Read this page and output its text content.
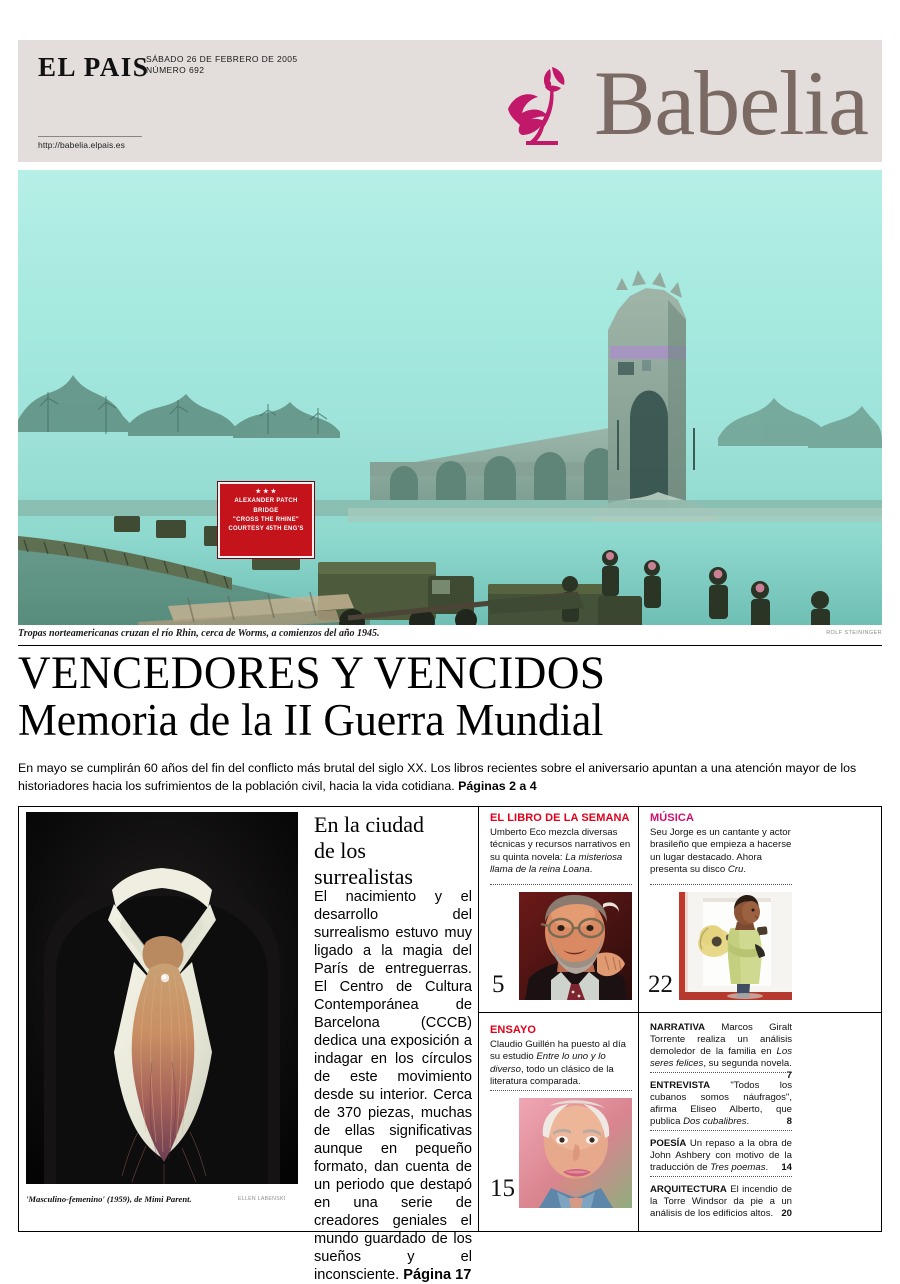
EL PAIS
SÁBADO 26 DE FEBRERO DE 2005
NÚMERO 692
http://babelia.elpais.es	Babelia
★ ★ ★
ALEXANDER PATCH
BRIDGE
"CROSS THE RHINE"
COURTESY 45TH ENG'S
Tropas norteamericanas cruzan el río Rhin, cerca de Worms, a comienzos del año 1945.	ROLF STEININGER
VENCEDORES Y VENCIDOS
Memoria de la II Guerra Mundial
En mayo se cumplirán 60 años del fin del conflicto más brutal del siglo XX. Los libros recientes sobre el aniversario apuntan a una atención mayor de los historiadores hacia los sufrimientos de la población civil, hacia la vida cotidiana. Páginas 2 a 4
'Masculino-femenino' (1959), de Mimi Parent.	ELLEN LABENSKI
En la ciudad
de los
surrealistas
El nacimiento y el desarrollo del surrealismo estuvo muy ligado a la magia del París de entreguerras. El Centro de Cultura Contemporánea de Barcelona (CCCB) dedica una exposición a indagar en los círculos de este movimiento desde su interior. Cerca de 370 piezas, muchas de ellas significativas aunque en pequeño formato, dan cuenta de un periodo que destapó en una serie de creadores geniales el mundo guardado de los sueños y el inconsciente. Página 17
EL LIBRO DE LA SEMANA
Umberto Eco mezcla diversas técnicas y recursos narrativos en su quinta novela: La misteriosa llama de la reina Loana.
5
MÚSICA
Seu Jorge es un cantante y actor brasileño que empieza a hacerse un lugar destacado. Ahora presenta su disco Cru.
22
ENSAYO
Claudio Guillén ha puesto al día su estudio Entre lo uno y lo diverso, todo un clásico de la literatura comparada.
15
NARRATIVA Marcos Giralt Torrente realiza un análisis demoledor de la familia en Los seres felices, su segunda novela.
7
ENTREVISTA "Todos los cubanos somos náufragos", afirma Eliseo Alberto, que publica Dos cubalibres.	8
POESÍA Un repaso a la obra de John Ashbery con motivo de la traducción de Tres poemas. 14
ARQUITECTURA El incendio de la Torre Windsor da pie a un análisis de los edificios altos. 20
